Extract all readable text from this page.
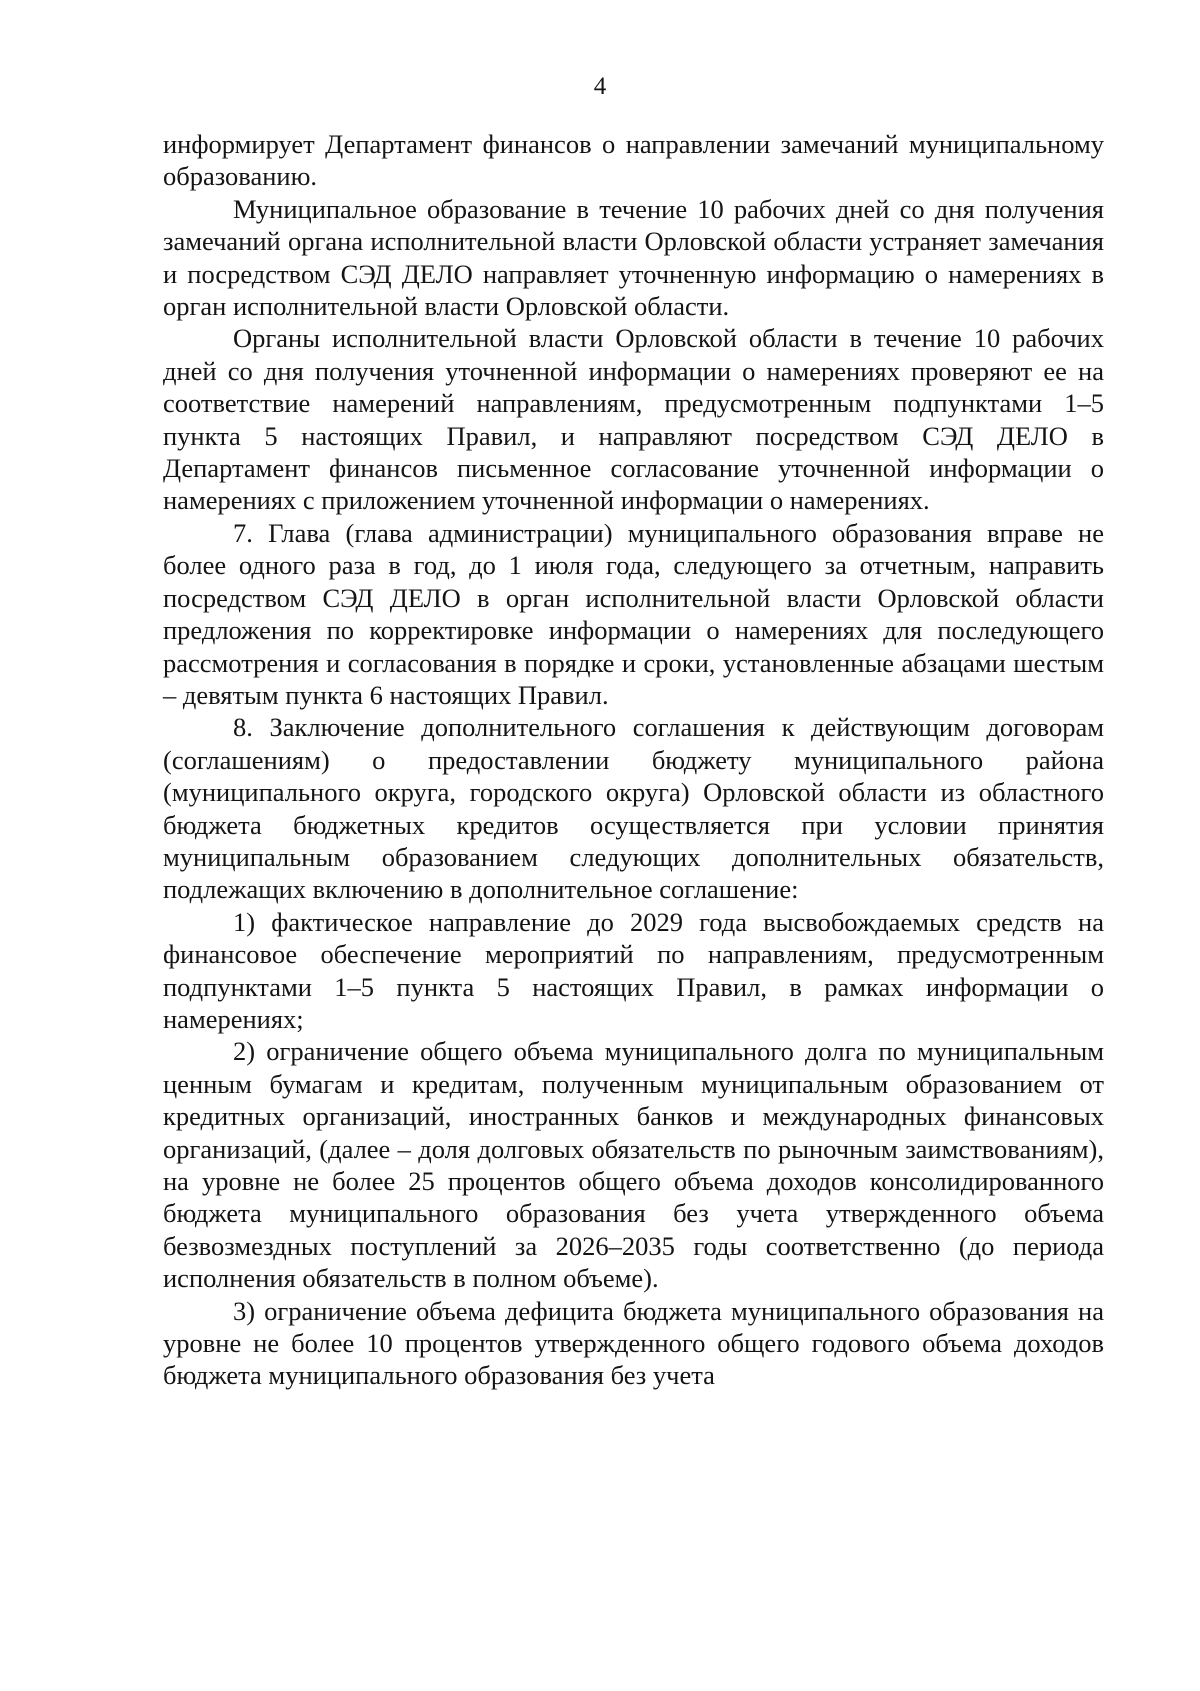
4

информирует Департамент финансов о направлении замечаний муниципальному образованию.

Муниципальное образование в течение 10 рабочих дней со дня получения замечаний органа исполнительной власти Орловской области устраняет замечания и посредством СЭД ДЕЛО направляет уточненную информацию о намерениях в орган исполнительной власти Орловской области.

Органы исполнительной власти Орловской области в течение 10 рабочих дней со дня получения уточненной информации о намерениях проверяют ее на соответствие намерений направлениям, предусмотренным подпунктами 1–5 пункта 5 настоящих Правил, и направляют посредством СЭД ДЕЛО в Департамент финансов письменное согласование уточненной информации о намерениях с приложением уточненной информации о намерениях.

7. Глава (глава администрации) муниципального образования вправе не более одного раза в год, до 1 июля года, следующего за отчетным, направить посредством СЭД ДЕЛО в орган исполнительной власти Орловской области предложения по корректировке информации о намерениях для последующего рассмотрения и согласования в порядке и сроки, установленные абзацами шестым – девятым пункта 6 настоящих Правил.

8. Заключение дополнительного соглашения к действующим договорам (соглашениям) о предоставлении бюджету муниципального района (муниципального округа, городского округа) Орловской области из областного бюджета бюджетных кредитов осуществляется при условии принятия муниципальным образованием следующих дополнительных обязательств, подлежащих включению в дополнительное соглашение:

1) фактическое направление до 2029 года высвобождаемых средств на финансовое обеспечение мероприятий по направлениям, предусмотренным подпунктами 1–5 пункта 5 настоящих Правил, в рамках информации о намерениях;

2) ограничение общего объема муниципального долга по муниципальным ценным бумагам и кредитам, полученным муниципальным образованием от кредитных организаций, иностранных банков и международных финансовых организаций, (далее – доля долговых обязательств по рыночным заимствованиям), на уровне не более 25 процентов общего объема доходов консолидированного бюджета муниципального образования без учета утвержденного объема безвозмездных поступлений за 2026–2035 годы соответственно (до периода исполнения обязательств в полном объеме).

3) ограничение объема дефицита бюджета муниципального образования на уровне не более 10 процентов утвержденного общего годового объема доходов бюджета муниципального образования без учета
